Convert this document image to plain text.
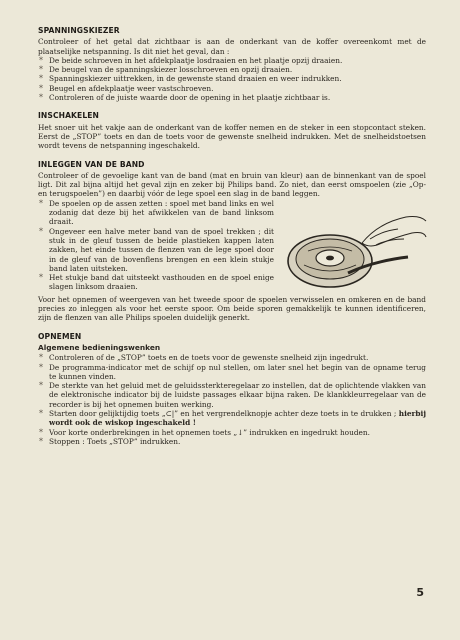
SPANNINGSKIEZER

Controleer of het getal dat zichtbaar is aan de onderkant van de koffer overeenkomt met de plaatselijke netspanning. Is dit niet het geval, dan :

* De beide schroeven in het afdekplaatje losdraaien en het plaatje opzij draaien.
* De beugel van de spanningskiezer losschroeven en opzij draaien.
* Spanningskiezer uittrekken, in de gewenste stand draaien en weer indrukken.
* Beugel en afdekplaatje weer vastschroeven.
* Controleren of de juiste waarde door de opening in het plaatje zichtbaar is.
INSCHAKELEN

Het snoer uit het vakje aan de onderkant van de koffer nemen en de steker in een stopcontact steken. Eerst de „STOP” toets en dan de toets voor de gewenste snelheid indrukken. Met de snelheidstoetsen wordt tevens de netspanning ingeschakeld.

INLEGGEN VAN DE BAND

Controleer of de gevoelige kant van de band (mat en bruin van kleur) aan de binnenkant van de spoel ligt. Dit zal bijna altijd het geval zijn en zeker bij Philips band. Zo niet, dan eerst omspoelen (zie „Op- en terugspoelen”) en daarbij vóór de lege spoel een slag in de band leggen.

* De spoelen op de assen zetten : spoel met band links en wel zodanig dat deze bij het afwikkelen van de band linksom draait.
* Ongeveer een halve meter band van de spoel trekken ; dit stuk in de gleuf tussen de beide plastieken kappen laten zakken, het einde tussen de flenzen van de lege spoel door in de gleuf van de bovenflens brengen en een klein stukje band laten uitsteken.
* Het stukje band dat uitsteekt vasthouden en de spoel enige slagen linksom draaien.

Voor het opnemen of weergeven van het tweede spoor de spoelen verwisselen en omkeren en de band precies zo inleggen als voor het eerste spoor. Om beide sporen gemakkelijk te kunnen identificeren, zijn de flenzen van alle Philips spoelen duidelijk generkt.

OPNEMEN
Algemene bedieningswenken
* Controleren of de „STOP” toets en de toets voor de gewenste snelheid zijn ingedrukt.
* De programma-indicator met de schijf op nul stellen, om later snel het begin van de opname terug te kunnen vinden.
* De sterkte van het geluid met de geluidssterkteregelaar zo instellen, dat de oplichtende vlakken van de elektronische indicator bij de luidste passages elkaar bijna raken. De klankkleurregelaar van de recorder is bij het opnemen buiten werking.
* Starten door gelijktijdig toets „⊂|” en het vergrendelknopje achter deze toets in te drukken ; hierbij wordt ook de wiskop ingeschakeld !
* Voor korte onderbrekingen in het opnemen toets „↓” indrukken en ingedrukt houden.
* Stoppen : Toets „STOP” indrukken.
5
